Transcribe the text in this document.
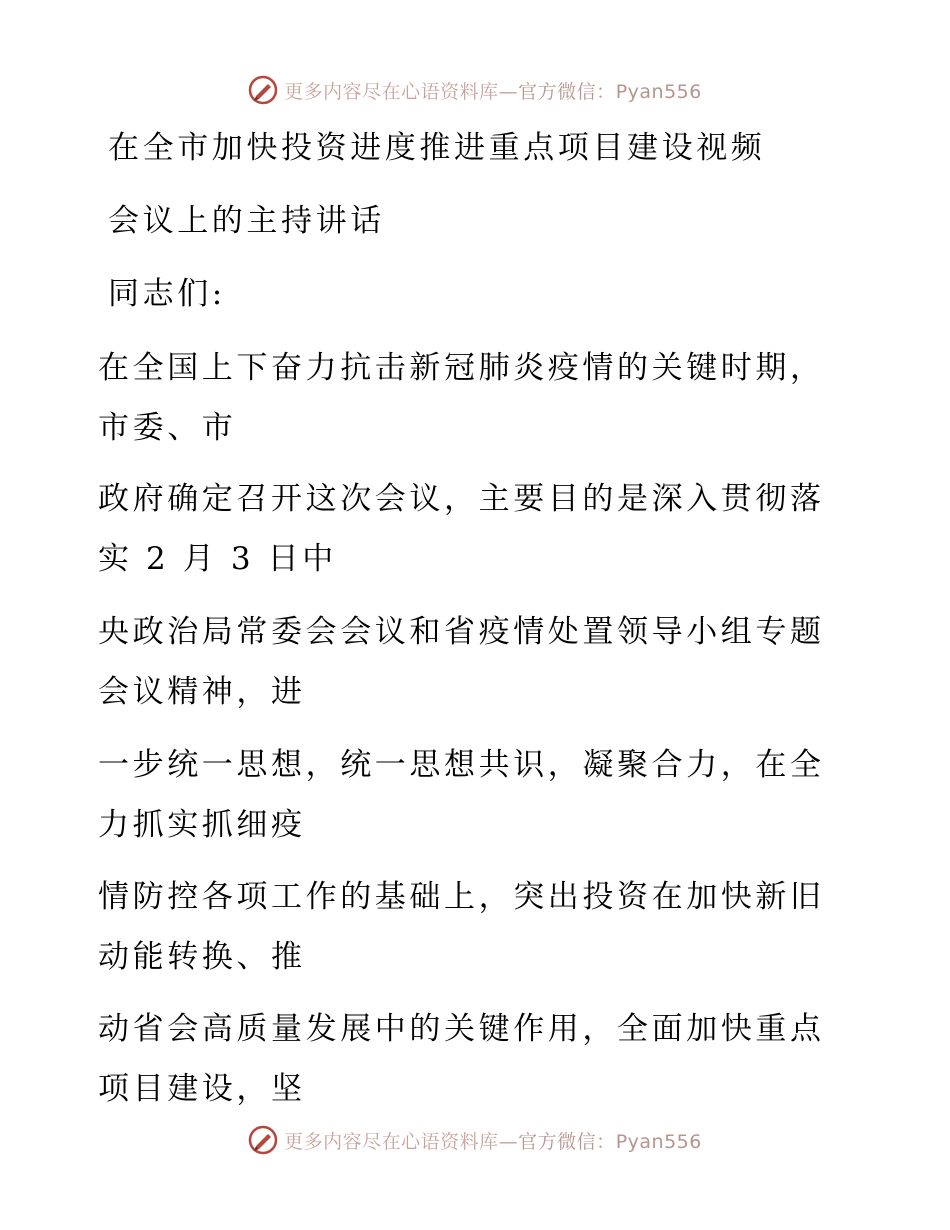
更多内容尽在心语资料库—官方微信：Pyan556
在全市加快投资进度推进重点项目建设视频
会议上的主持讲话
同志们:
在全国上下奋力抗击新冠肺炎疫情的关键时期，
市委、市
政府确定召开这次会议，主要目的是深入贯彻落
实 2 月 3 日中
央政治局常委会会议和省疫情处置领导小组专题
会议精神，进
一步统一思想，统一思想共识，凝聚合力，在全
力抓实抓细疫
情防控各项工作的基础上，突出投资在加快新旧
动能转换、推
动省会高质量发展中的关键作用，全面加快重点
项目建设，坚
更多内容尽在心语资料库—官方微信：Pyan556
